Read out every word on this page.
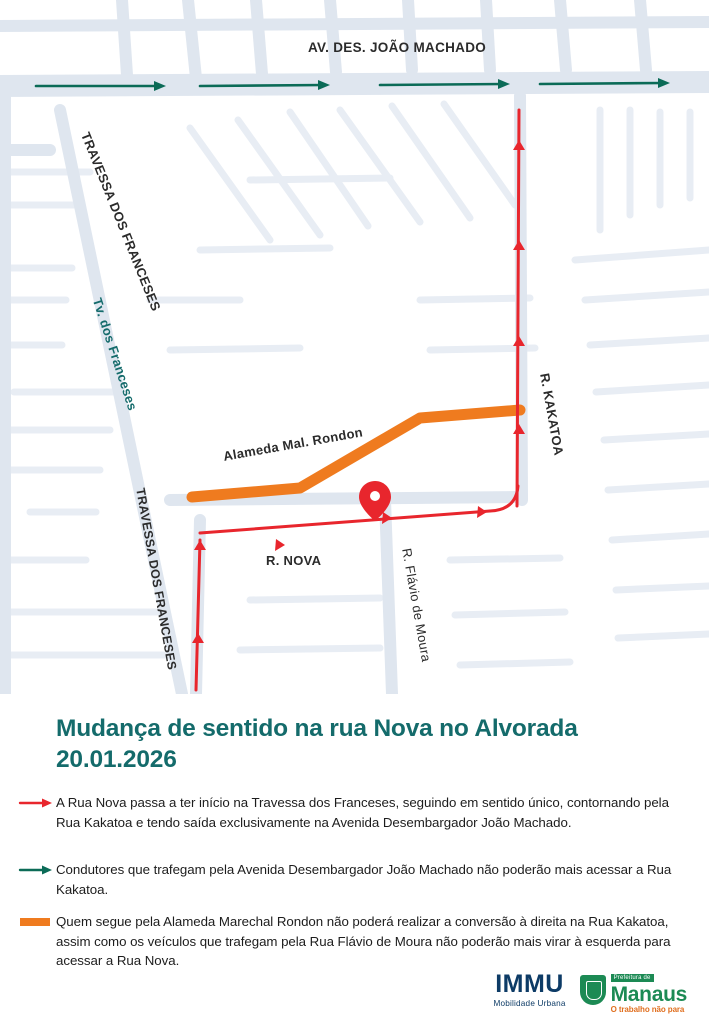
AV. DES. JOÃO MACHADO
TRAVESSA DOS FRANCESES
Tv. dos Franceses
TRAVESSA DOS FRANCESES
Alameda Mal. Rondon
R. NOVA
R. KAKATOA
R. Flávio de Moura
Mudança de sentido na rua Nova no Alvorada
20.01.2026
A Rua Nova passa a ter início na Travessa dos Franceses, seguindo em sentido único, contornando pela Rua Kakatoa e tendo saída exclusivamente na Avenida Desembargador João Machado.
Condutores que trafegam pela Avenida Desembargador João Machado não poderão mais acessar a Rua Kakatoa.
Quem segue pela Alameda Marechal Rondon não poderá realizar a conversão à direita na Rua Kakatoa, assim como os veículos que trafegam pela Rua Flávio de Moura não poderão mais virar à esquerda para acessar a Rua Nova.
IMMU
Mobilidade Urbana
Prefeitura de
Manaus
O trabalho não para
